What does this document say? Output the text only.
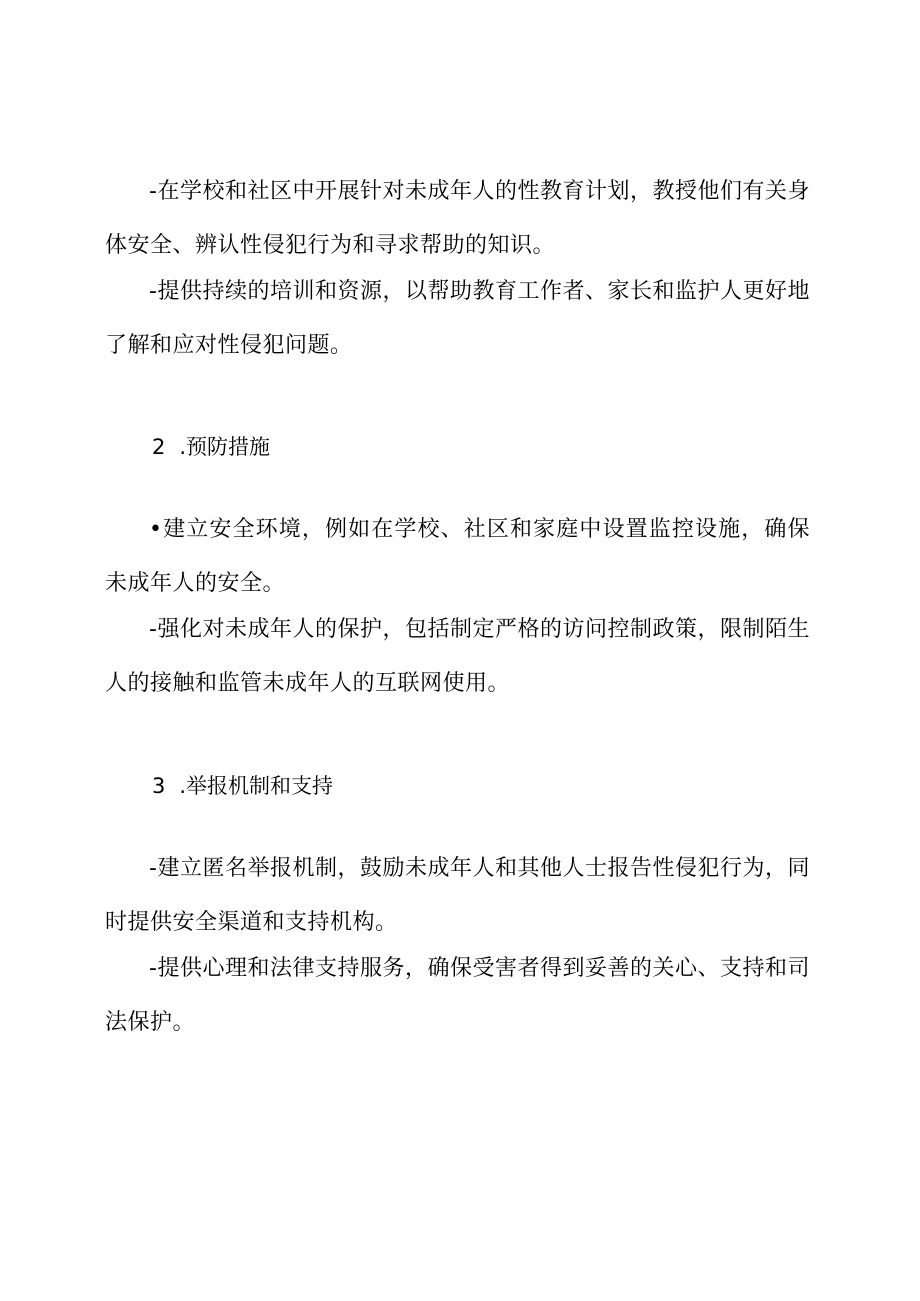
-在学校和社区中开展针对未成年人的性教育计划，教授他们有关身体安全、辨认性侵犯行为和寻求帮助的知识。

-提供持续的培训和资源，以帮助教育工作者、家长和监护人更好地了解和应对性侵犯问题。

2 .预防措施

•建立安全环境，例如在学校、社区和家庭中设置监控设施，确保未成年人的安全。

-强化对未成年人的保护，包括制定严格的访问控制政策，限制陌生人的接触和监管未成年人的互联网使用。

3 .举报机制和支持

-建立匿名举报机制，鼓励未成年人和其他人士报告性侵犯行为，同时提供安全渠道和支持机构。

-提供心理和法律支持服务，确保受害者得到妥善的关心、支持和司法保护。
